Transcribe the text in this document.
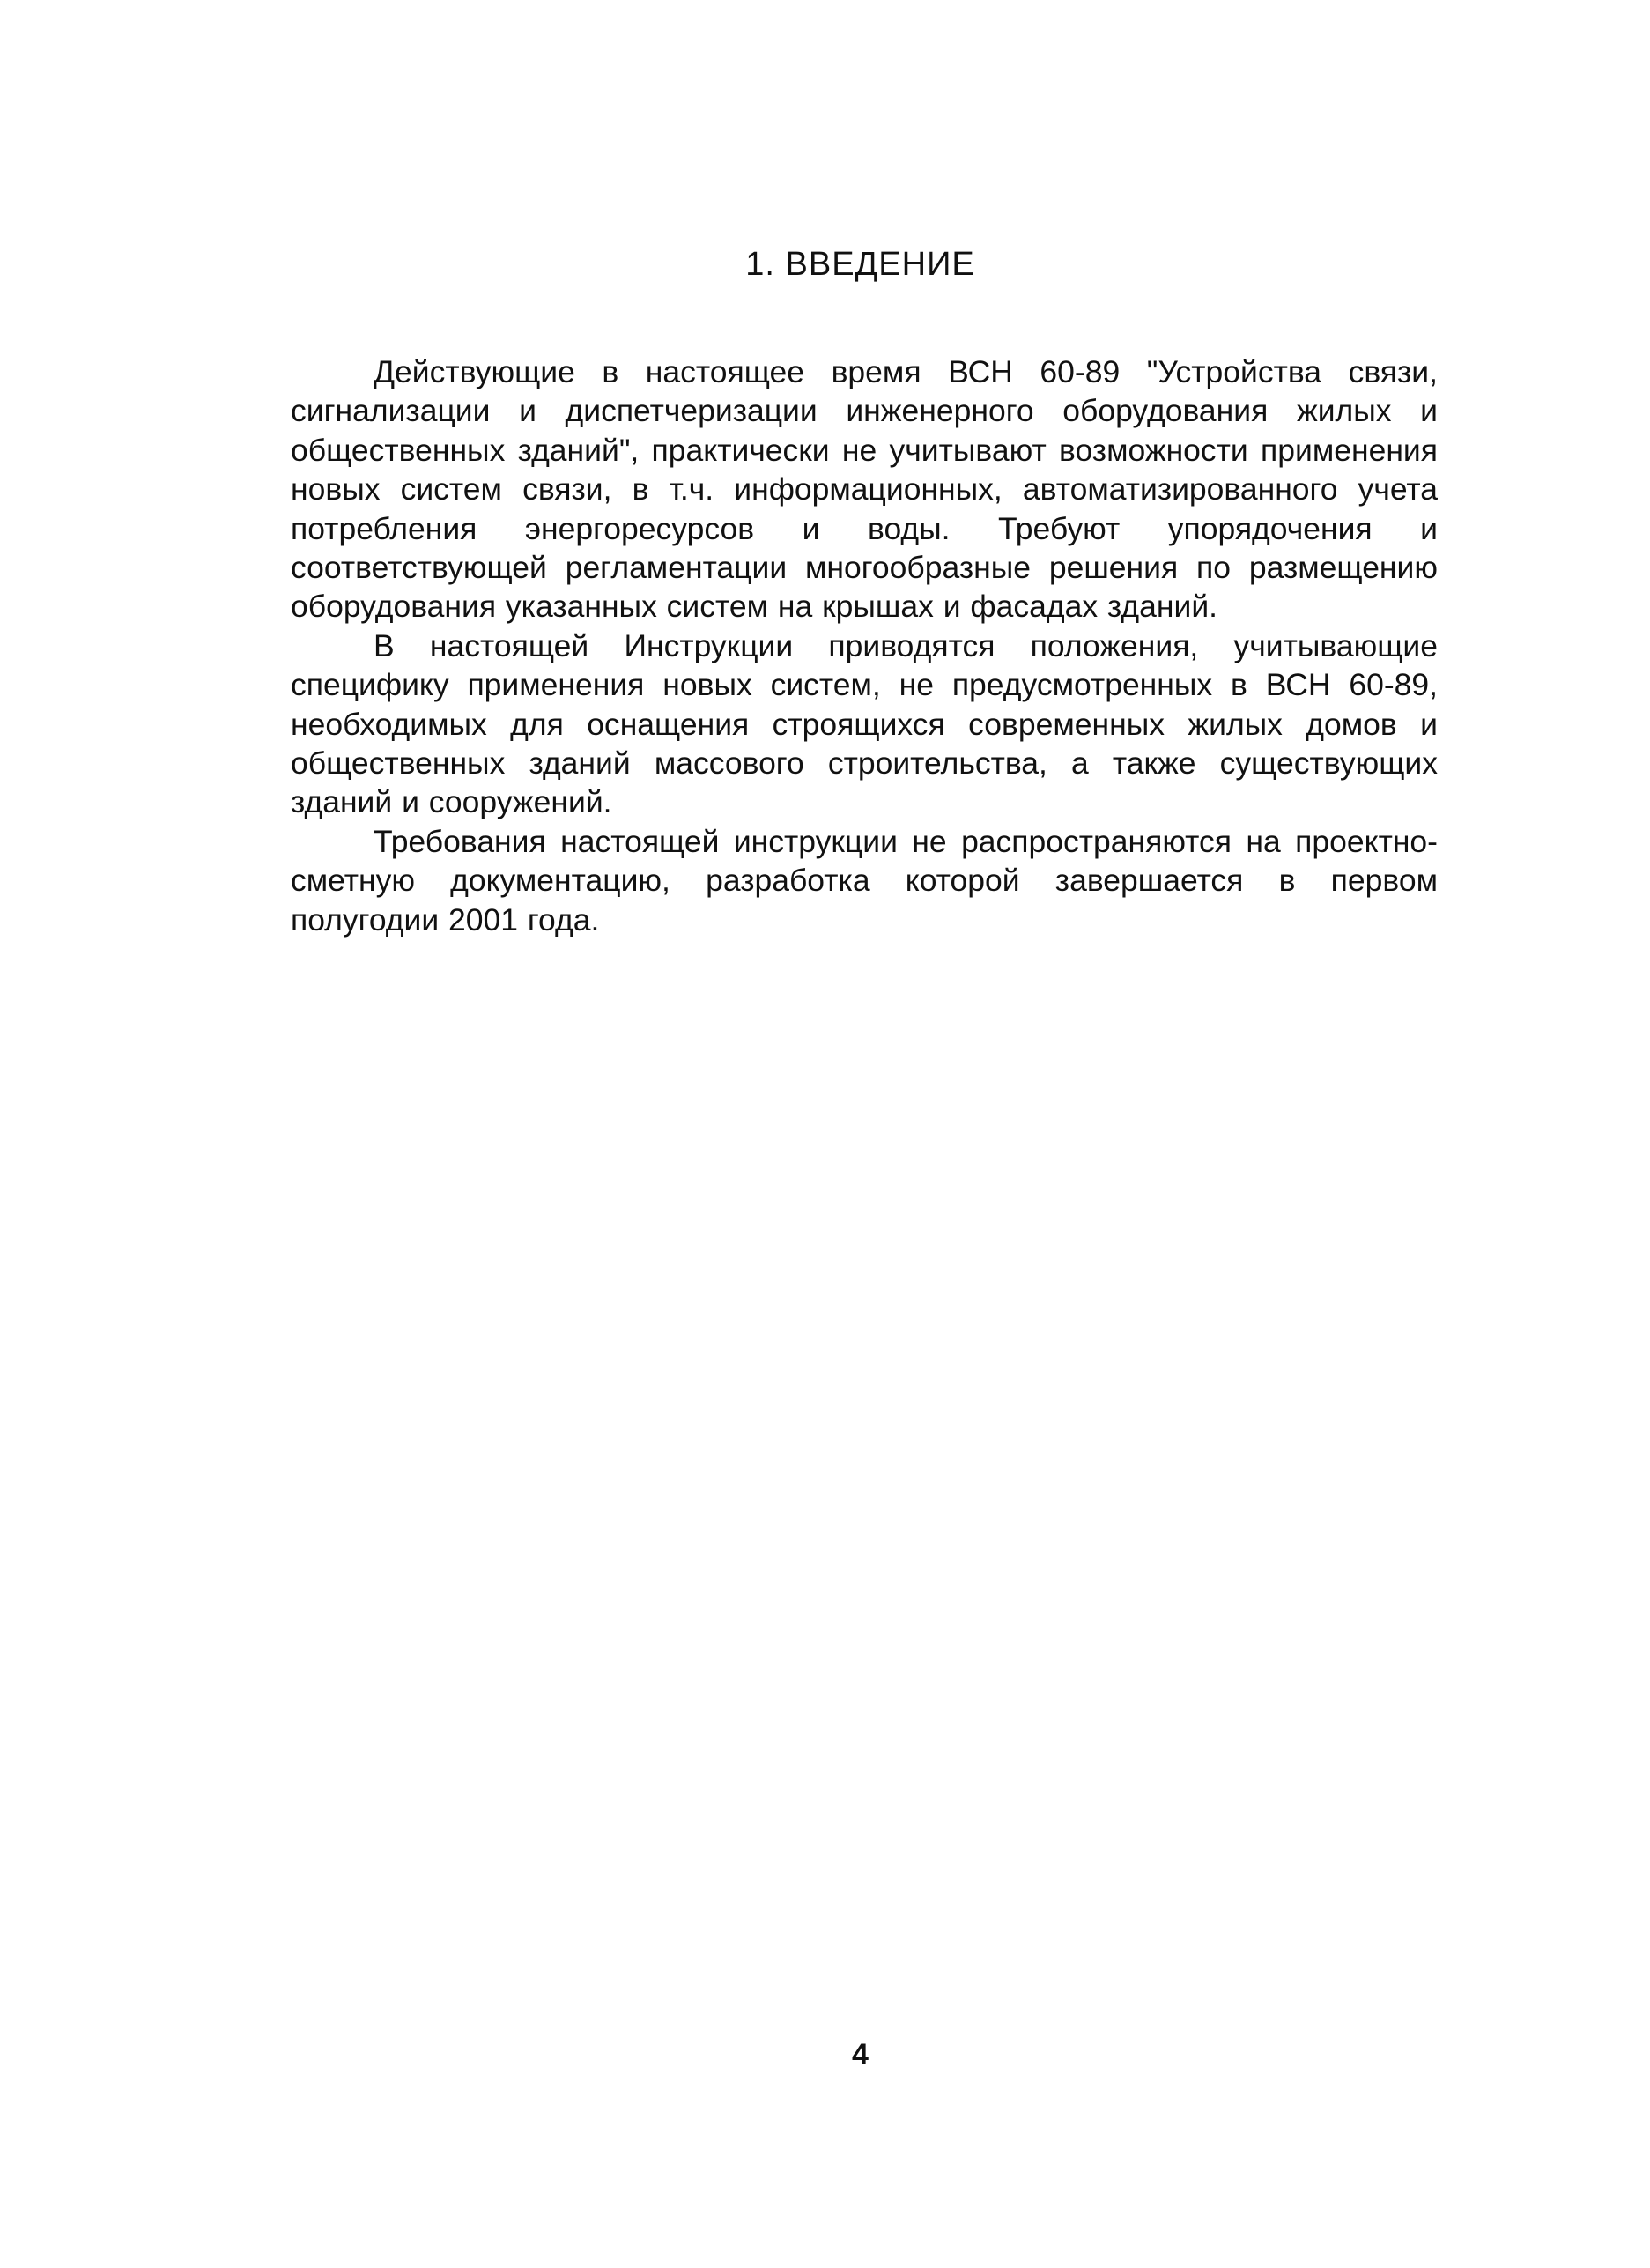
1. ВВЕДЕНИЕ

Действующие в настоящее время ВСН 60-89 "Устройства связи, сигнализации и диспетчеризации инженерного оборудования жилых и общественных зданий", практически не учитывают возможности применения новых систем связи, в т.ч. информационных, автоматизированного учета потребления энергоресурсов и воды. Требуют упорядочения и соответствующей регламентации многообразные решения по размещению оборудования указанных систем на крышах и фасадах зданий.

В настоящей Инструкции приводятся положения, учитывающие специфику применения новых систем, не предусмотренных в ВСН 60-89, необходимых для оснащения строящихся современных жилых домов и общественных зданий массового строительства, а также существующих зданий и сооружений.

Требования настоящей инструкции не распространяются на проектно-сметную документацию, разработка которой завершается в первом полугодии 2001 года.

4
